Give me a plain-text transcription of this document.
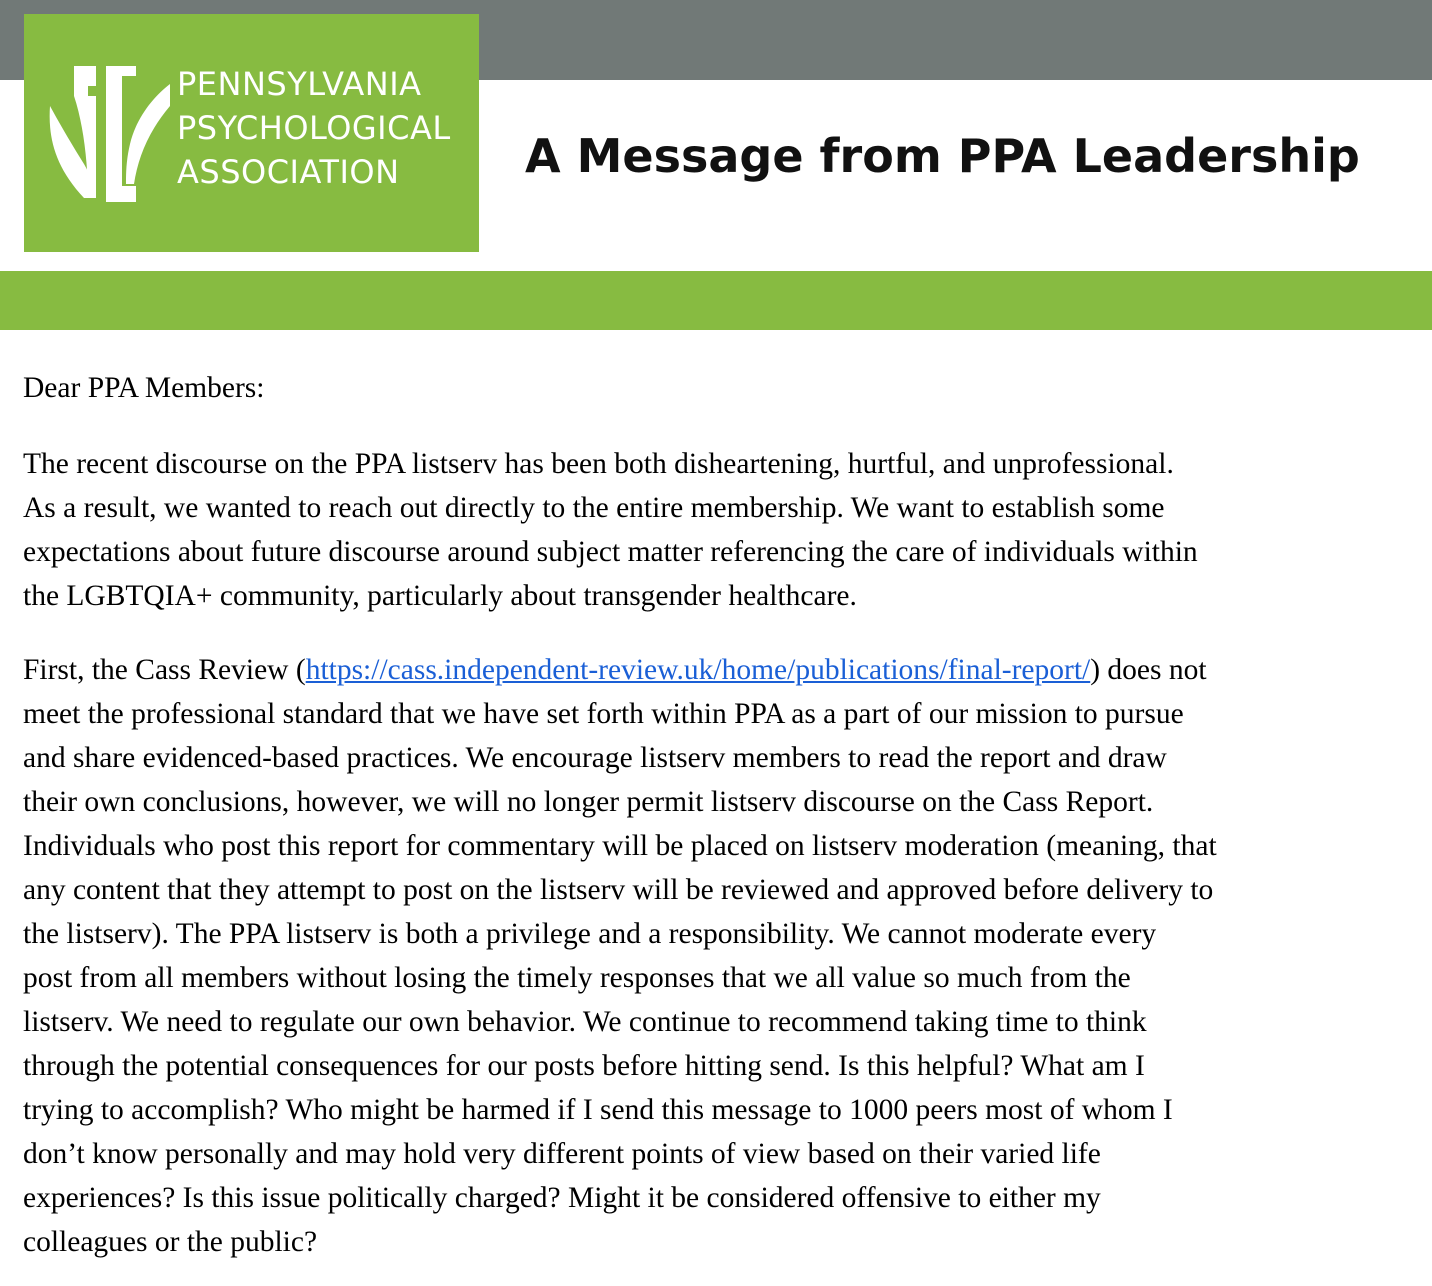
PENNSYLVANIA
PSYCHOLOGICAL
ASSOCIATION	A Message from PPA Leadership

Dear PPA Members:

The recent discourse on the PPA listserv has been both disheartening, hurtful, and unprofessional.
As a result, we wanted to reach out directly to the entire membership. We want to establish some
expectations about future discourse around subject matter referencing the care of individuals within
the LGBTQIA+ community, particularly about transgender healthcare.

First, the Cass Review (https://cass.independent-review.uk/home/publications/final-report/) does not
meet the professional standard that we have set forth within PPA as a part of our mission to pursue
and share evidenced-based practices. We encourage listserv members to read the report and draw
their own conclusions, however, we will no longer permit listserv discourse on the Cass Report.
Individuals who post this report for commentary will be placed on listserv moderation (meaning, that
any content that they attempt to post on the listserv will be reviewed and approved before delivery to
the listserv). The PPA listserv is both a privilege and a responsibility. We cannot moderate every
post from all members without losing the timely responses that we all value so much from the
listserv. We need to regulate our own behavior. We continue to recommend taking time to think
through the potential consequences for our posts before hitting send. Is this helpful? What am I
trying to accomplish? Who might be harmed if I send this message to 1000 peers most of whom I
don’t know personally and may hold very different points of view based on their varied life
experiences? Is this issue politically charged? Might it be considered offensive to either my
colleagues or the public?
